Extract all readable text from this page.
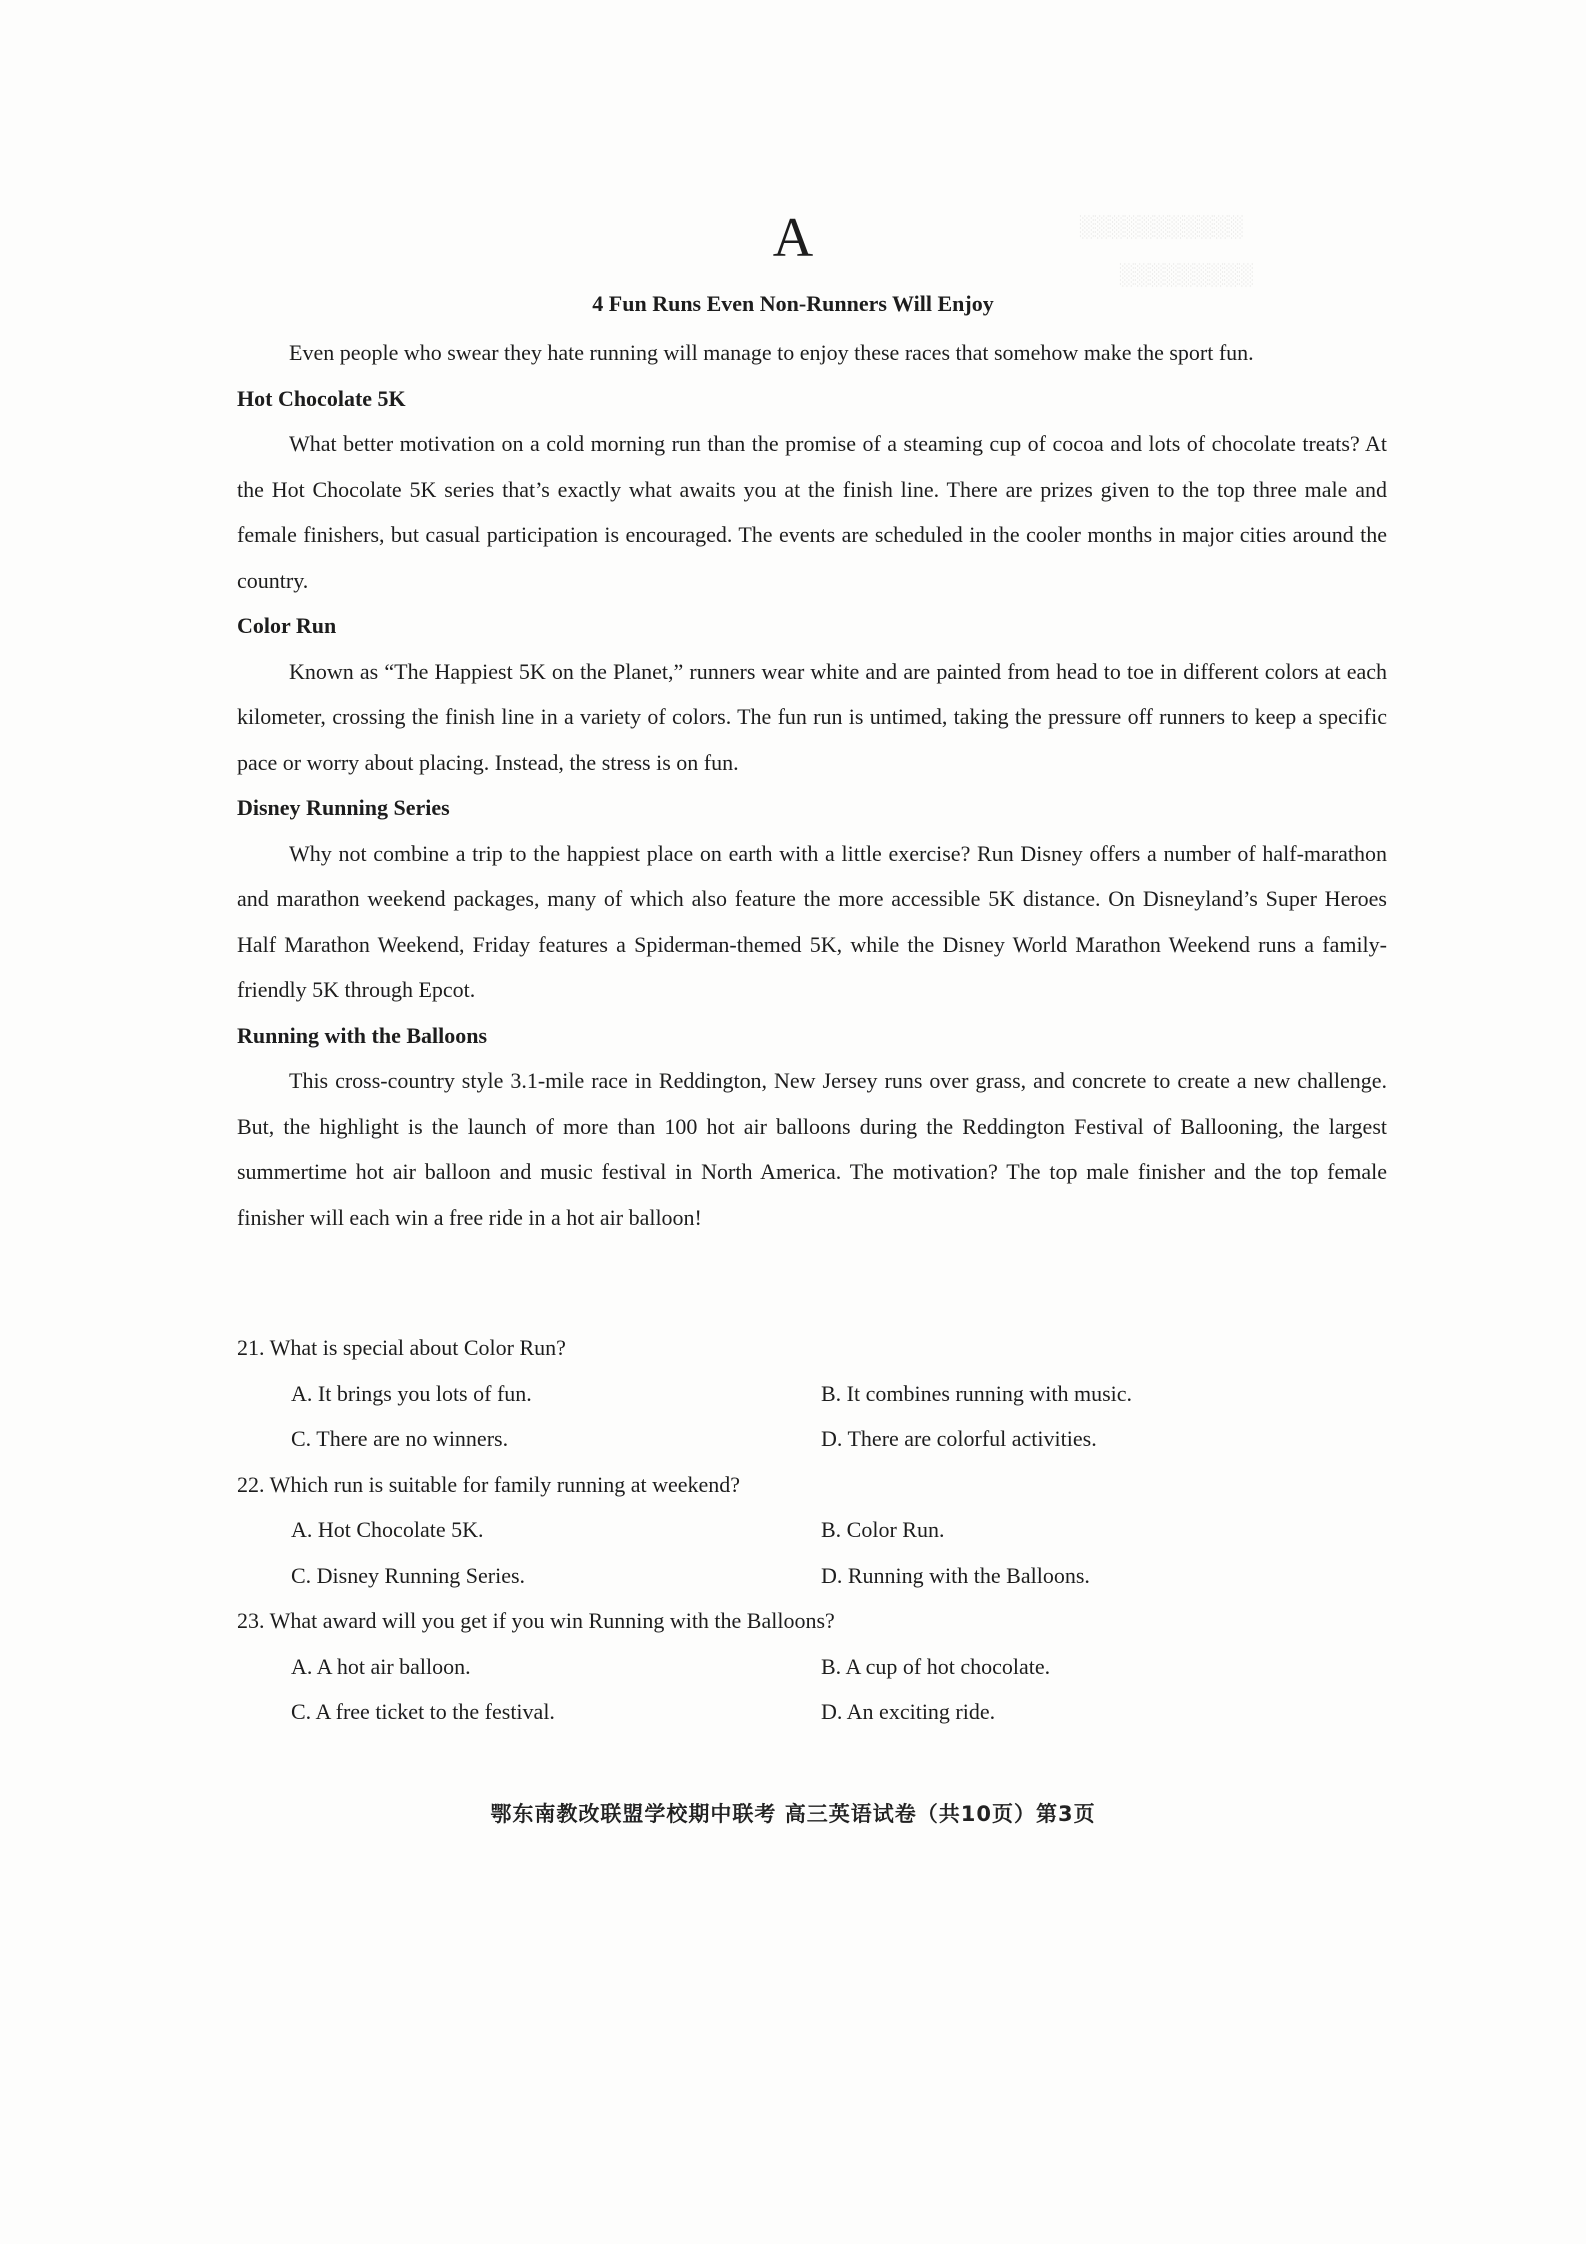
░░░░░░░░░░░
░░░░░░░░░
A
4 Fun Runs Even Non-Runners Will Enjoy

Even people who swear they hate running will manage to enjoy these races that somehow make the sport fun.

Hot Chocolate 5K

What better motivation on a cold morning run than the promise of a steaming cup of cocoa and lots of chocolate treats? At the Hot Chocolate 5K series that’s exactly what awaits you at the finish line. There are prizes given to the top three male and female finishers, but casual participation is encouraged. The events are scheduled in the cooler months in major cities around the country.

Color Run

Known as “The Happiest 5K on the Planet,” runners wear white and are painted from head to toe in different colors at each kilometer, crossing the finish line in a variety of colors. The fun run is untimed, taking the pressure off runners to keep a specific pace or worry about placing. Instead, the stress is on fun.

Disney Running Series

Why not combine a trip to the happiest place on earth with a little exercise? Run Disney offers a number of half-marathon and marathon weekend packages, many of which also feature the more accessible 5K distance. On Disneyland’s Super Heroes Half Marathon Weekend, Friday features a Spiderman-themed 5K, while the Disney World Marathon Weekend runs a family-friendly 5K through Epcot.

Running with the Balloons

This cross-country style 3.1-mile race in Reddington, New Jersey runs over grass, and concrete to create a new challenge. But, the highlight is the launch of more than 100 hot air balloons during the Reddington Festival of Ballooning, the largest summertime hot air balloon and music festival in North America. The motivation? The top male finisher and the top female finisher will each win a free ride in a hot air balloon!

21. What is special about Color Run?

A. It brings you lots of fun.	B. It combines running with music.

C. There are no winners.	D. There are colorful activities.

22. Which run is suitable for family running at weekend?

A. Hot Chocolate 5K.	B. Color Run.

C. Disney Running Series.	D. Running with the Balloons.

23. What award will you get if you win Running with the Balloons?

A. A hot air balloon.	B. A cup of hot chocolate.

C. A free ticket to the festival.	D. An exciting ride.

鄂东南教改联盟学校期中联考 高三英语试卷（共10页）第3页
